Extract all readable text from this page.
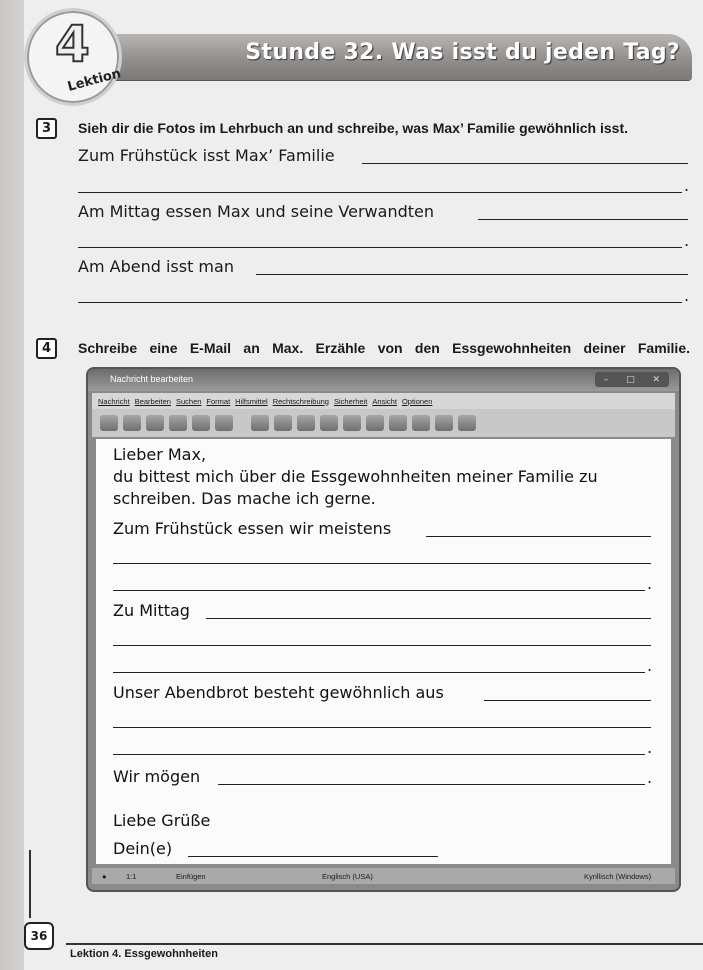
Stunde 32. Was isst du jeden Tag?
4
Lektion
3	Sieh dir die Fotos im Lehrbuch an und schreibe, was Max’ Familie gewöhnlich isst.
Zum Frühstück isst Max’ Familie
.
Am Mittag essen Max und seine Verwandten
.
Am Abend isst man
.
4	Schreibe eine E-Mail an Max. Erzähle von den Essgewohnheiten deiner Familie.
Nachricht bearbeiten	– □ ✕
Nachricht Bearbeiten Suchen Format Hilfsmittel Rechtschreibung Sicherheit Ansicht Optionen
Lieber Max,
du bittest mich über die Essgewohnheiten meiner Familie zu
schreiben. Das mache ich gerne.
Zum Frühstück essen wir meistens
.
Zu Mittag
.
Unser Abendbrot besteht gewöhnlich aus
.
Wir mögen	.
Liebe Grüße
Dein(e)
●	1:1	Einfügen	Englisch (USA)	Kyrillisch (Windows)
36
Lektion 4. Essgewohnheiten
